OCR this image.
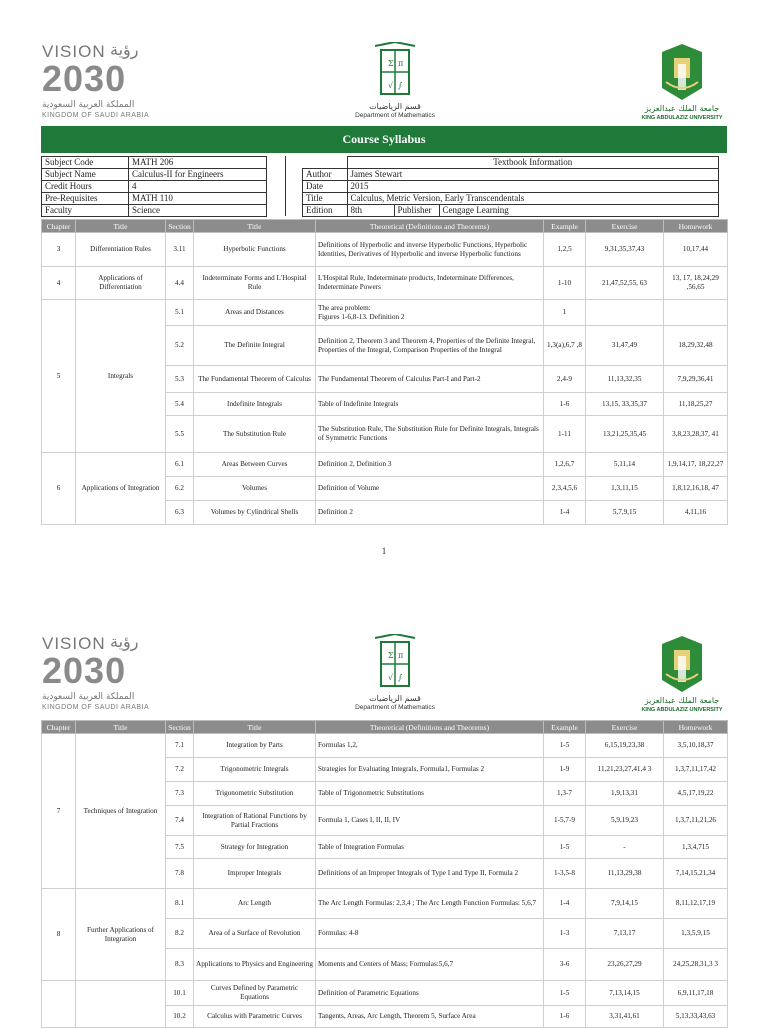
VISION رؤية
2030
المملكة العربية السعودية
KINGDOM OF SAUDI ARABIA
Σ π
√ ∫
قسم الرياضيات
Department of Mathematics
جامعة الملك عبدالعزيز
KING ABDULAZIZ UNIVERSITY
Course Syllabus
Subject Code	MATH 206
Subject Name	Calculus-II for Engineers
Credit Hours	4
Pre-Requisites	MATH 110
Faculty	Science
	Textbook Information		
Author	James Stewart		
Date	2015		
Title	Calculus, Metric Version, Early Transcendentals		
Edition	8th	Publisher	Cengage Learning
Chapter	Title	Section	Title	Theoretical (Definitions and Theorems)	Example	Exercise	Homework
3	Differentiation Rules	3.11	Hyperbolic Functions	Definitions of Hyperbolic and inverse Hyperbolic Functions, Hyperbolic Identities, Derivatives of Hyperbolic and inverse Hyperbolic functions	1,2,5	9,31,35,37,43	10,17,44
4	Applications of Differentiation	4.4	Indeterminate Forms and L'Hospital Rule	L'Hospital Rule, Indeterminate products, Indeterminate Differences, Indeterminate Powers	1-10	21,47,52,55, 63	13, 17, 18,24,29 ,56,65
5	Integrals	5.1	Areas and Distances	The area problem:
Figures 1-6,8-13. Definition 2	1		
		5.2	The Definite Integral	Definition 2, Theorem 3 and Theorem 4, Properties of the Definite Integral, Properties of the Integral, Comparison Properties of the Integral	1,3(a),6,7 ,8	31,47,49	18,29,32,48
		5.3	The Fundamental Theorem of Calculus	The Fundamental Theorem of Calculus Part-I and Part-2	2,4-9	11,13,32,35	7,9,29,36,41
		5.4	Indefinite Integrals	Table of Indefinite Integrals	1-6	13,15, 33,35,37	11,18,25,27
		5.5	The Substitution Rule	The Substitution Rule, The Substitution Rule for Definite Integrals, Integrals of Symmetric Functions	1-11	13,21,25,35,45	3,8,23,28,37, 41
6	Applications of Integration	6.1	Areas Between Curves	Definition 2, Definition 3	1,2,6,7	5,11,14	1,9,14,17, 18,22,27
		6.2	Volumes	Definition of Volume	2,3,4,5,6	1,3,11,15	1,8,12,16,18, 47
		6.3	Volumes by Cylindrical Shells	Definition 2	1-4	5,7,9,15	4,11,16
1
VISION رؤية
2030
المملكة العربية السعودية
KINGDOM OF SAUDI ARABIA
Σ π
√ ∫
قسم الرياضيات
Department of Mathematics
جامعة الملك عبدالعزيز
KING ABDULAZIZ UNIVERSITY
Chapter	Title	Section	Title	Theoretical (Definitions and Theorems)	Example	Exercise	Homework
7	Techniques of Integration	7.1	Integration by Parts	Formulas 1,2,	1-5	6,15,19,23,38	3,5,10,18,37
		7.2	Trigonometric Integrals	Strategies for Evaluating Integrals, Formula1, Formulas 2	1-9	11,21,23,27,41,4 3	1,3,7,11,17,42
		7.3	Trigonometric Substitution	Table of Trigonometric Substitutions	1,3-7	1,9,13,31	4,5,17,19,22
		7.4	Integration of Rational Functions by Partial Fractions	Formula 1, Cases I, II, II, IV	1-5,7-9	5,9,19,23	1,3,7,11,21,26
		7.5	Strategy for Integration	Table of Integration Formulas	1-5	-	1,3,4,715
		7.8	Improper Integrals	Definitions of an Improper Integrals of Type I and Type II, Formula 2	1-3,5-8	11,13,29,38	7,14,15,21,34
8	Further Applications of Integration	8.1	Arc Length	The Arc Length Formulas: 2,3,4 ; The Arc Length Function Formulas: 5,6,7	1-4	7,9,14,15	8,11,12,17,19
		8.2	Area of a Surface of Revolution	Formulas: 4-8	1-3	7,13,17	1,3,5,9,15
		8.3	Applications to Physics and Engineering	Moments and Centers of Mass; Formulas:5,6,7	3-6	23,26,27,29	24,25,28,31,3 3
		10.1	Curves Defined by Parametric Equations	Definition of Parametric Equations	1-5	7,13,14,15	6,9,11,17,18
		10.2	Calculus with Parametric Curves	Tangents, Areas, Arc Length, Theorem 5, Surface Area	1-6	3,31,41,61	5,13,33,43,63
